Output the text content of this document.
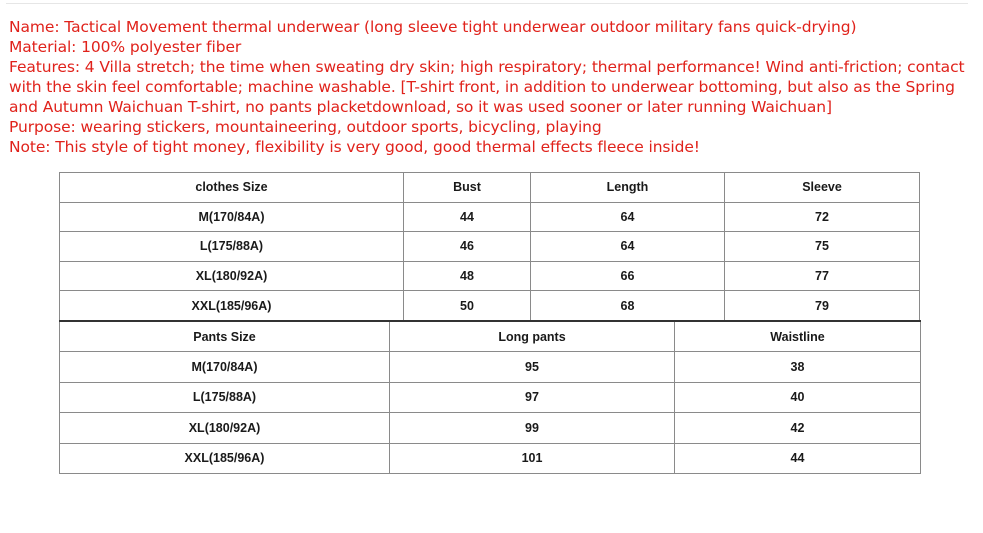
Name: Tactical Movement thermal underwear (long sleeve tight underwear outdoor military fans quick-drying)

Material: 100% polyester fiber

Features: 4 Villa stretch; the time when sweating dry skin; high respiratory; thermal performance! Wind anti-friction; contact

with the skin feel comfortable; machine washable. [T-shirt front, in addition to underwear bottoming, but also as the Spring

and Autumn Waichuan T-shirt, no pants placketdownload, so it was used sooner or later running Waichuan]

Purpose: wearing stickers, mountaineering, outdoor sports, bicycling, playing

Note: This style of tight money, flexibility is very good, good thermal effects fleece inside!

clothes Size	Bust	Length	Sleeve
M(170/84A)	44	64	72
L(175/88A)	46	64	75
XL(180/92A)	48	66	77
XXL(185/96A)	50	68	79
Pants Size	Long pants	Waistline
M(170/84A)	95	38
L(175/88A)	97	40
XL(180/92A)	99	42
XXL(185/96A)	101	44
